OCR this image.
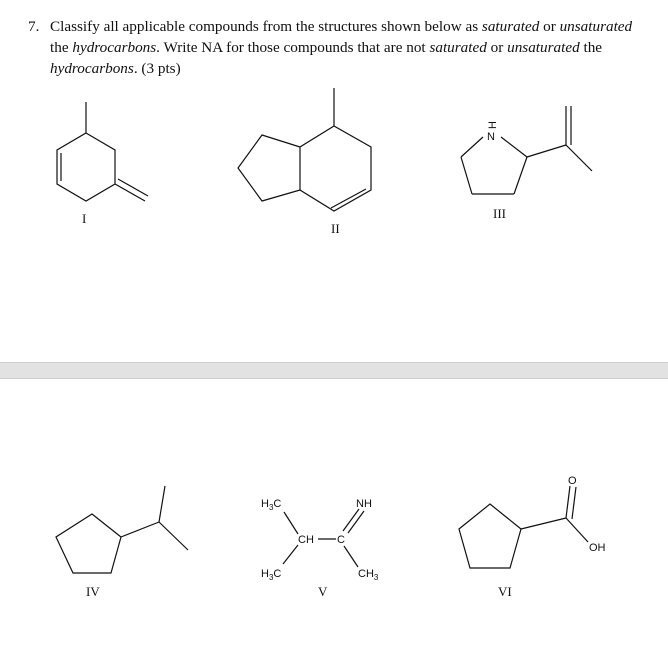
7. Classify all applicable compounds from the structures shown below as saturated or unsaturated the hydrocarbons. Write NA for those compounds that are not saturated or unsaturated the hydrocarbons. (3 pts)
I
II
N
H
III
IV
$H_3C$
CH C
NH
$H_3C$	$CH_3$
V
O
OH
VI
